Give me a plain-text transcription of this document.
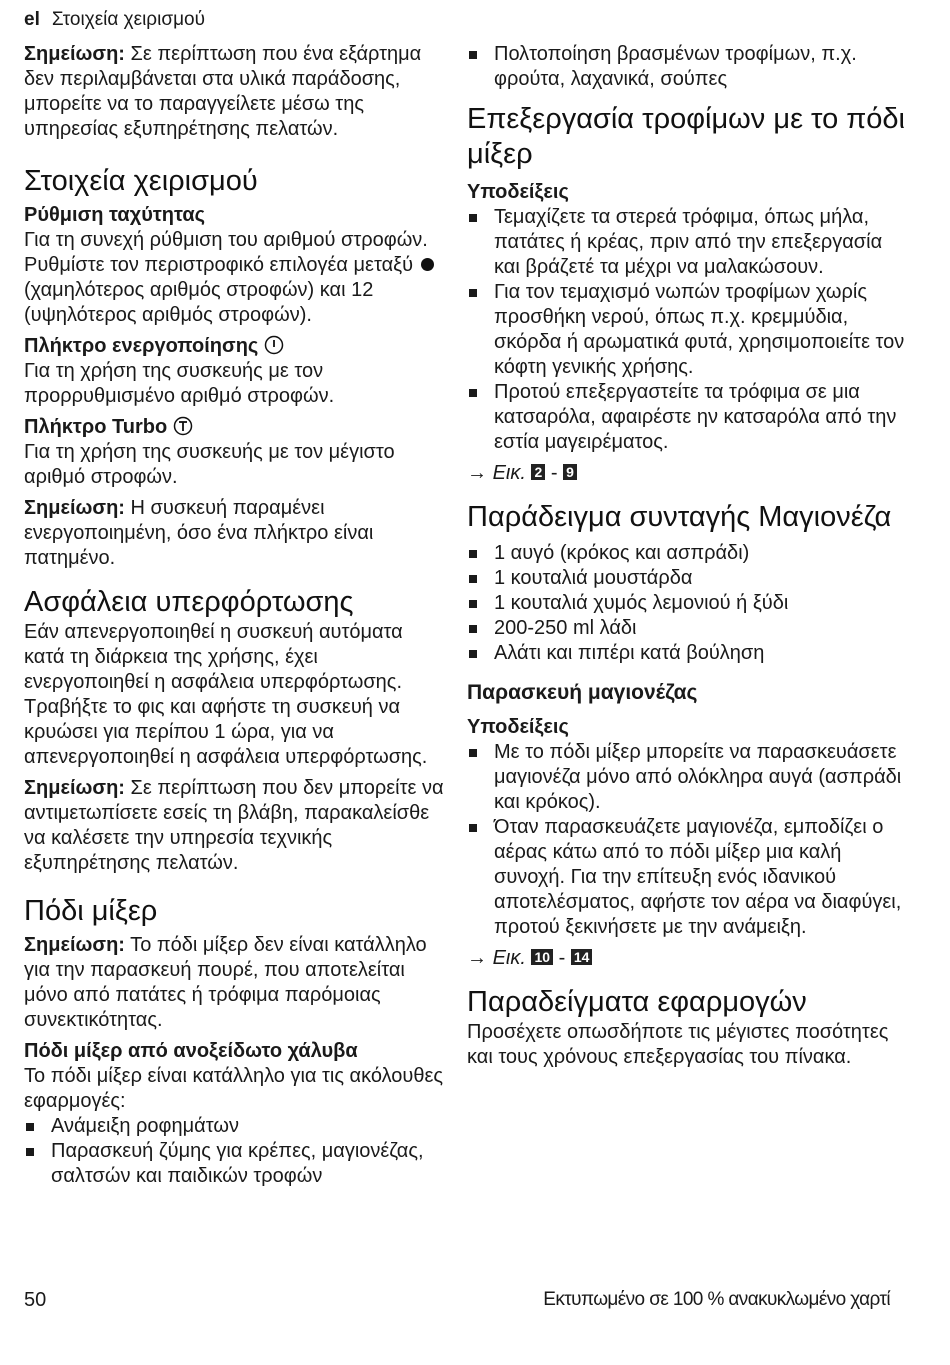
el Στοιχεία χειρισμού

Σημείωση: Σε περίπτωση που ένα εξάρτημα δεν περιλαμβάνεται στα υλικά παράδοσης, μπορείτε να το παραγγείλετε μέσω της υπηρεσίας εξυπηρέτησης πελατών.

Στοιχεία χειρισμού

Ρύθμιση ταχύτητας

Για τη συνεχή ρύθμιση του αριθμού στροφών. Ρυθμίστε τον περιστροφικό επιλογέα μεταξύ  (χαμηλότερος αριθμός στροφών) και 12 (υψηλότερος αριθμός στροφών).

Πλήκτρο ενεργοποίησης

Για τη χρήση της συσκευής με τον προρρυθμισμένο αριθμό στροφών.

Πλήκτρο Turbo

Για τη χρήση της συσκευής με τον μέγιστο αριθμό στροφών.

Σημείωση: Η συσκευή παραμένει ενεργοποιημένη, όσο ένα πλήκτρο είναι πατημένο.

Ασφάλεια υπερφόρτωσης

Εάν απενεργοποιηθεί η συσκευή αυτόματα κατά τη διάρκεια της χρήσης, έχει ενεργοποιηθεί η ασφάλεια υπερφόρτωσης. Τραβήξτε το φις και αφήστε τη συσκευή να κρυώσει για περίπου 1 ώρα, για να απενεργοποιηθεί η ασφάλεια υπερφόρτωσης.

Σημείωση: Σε περίπτωση που δεν μπορείτε να αντιμετωπίσετε εσείς τη βλάβη, παρακαλείσθε να καλέσετε την υπηρεσία τεχνικής εξυπηρέτησης πελατών.

Πόδι μίξερ

Σημείωση: Το πόδι μίξερ δεν είναι κατάλληλο για την παρασκευή πουρέ, που αποτελείται μόνο από πατάτες ή τρόφιμα παρόμοιας συνεκτικότητας.

Πόδι μίξερ από ανοξείδωτο χάλυβα

Το πόδι μίξερ είναι κατάλληλο για τις ακόλουθες εφαρμογές:

Ανάμειξη ροφημάτων
Παρασκευή ζύμης για κρέπες, μαγιονέζας, σαλτσών και παιδικών τροφών
Πολτοποίηση βρασμένων τροφίμων, π.χ. φρούτα, λαχανικά, σούπες
Επεξεργασία τροφίμων με το πόδι μίξερ

Υποδείξεις

Τεμαχίζετε τα στερεά τρόφιμα, όπως μήλα, πατάτες ή κρέας, πριν από την επεξεργασία και βράζετέ τα μέχρι να μαλακώσουν.
Για τον τεμαχισμό νωπών τροφίμων χωρίς προσθήκη νερού, όπως π.χ. κρεμμύδια, σκόρδα ή αρωματικά φυτά, χρησιμοποιείτε τον κόφτη γενικής χρήσης.
Προτού επεξεργαστείτε τα τρόφιμα σε μια κατσαρόλα, αφαιρέστε ην κατσαρόλα από την εστία μαγειρέματος.

→ Εικ. 2 - 9

Παράδειγμα συνταγής Μαγιονέζα
1 αυγό (κρόκος και ασπράδι)
1 κουταλιά μουστάρδα
1 κουταλιά χυμός λεμονιού ή ξύδι
200-250 ml λάδι
Αλάτι και πιπέρι κατά βούληση

Παρασκευή μαγιονέζας

Υποδείξεις

Με το πόδι μίξερ μπορείτε να παρασκευάσετε μαγιονέζα μόνο από ολόκληρα αυγά (ασπράδι και κρόκος).
Όταν παρασκευάζετε μαγιονέζα, εμποδίζει ο αέρας κάτω από το πόδι μίξερ μια καλή συνοχή. Για την επίτευξη ενός ιδανικού αποτελέσματος, αφήστε τον αέρα να διαφύγει, προτού ξεκινήσετε με την ανάμειξη.

→ Εικ. 10 - 14

Παραδείγματα εφαρμογών

Προσέχετε οπωσδήποτε τις μέγιστες ποσότητες και τους χρόνους επεξεργασίας του πίνακα.

50	Εκτυπωμένο σε 100 % ανακυκλωμένο χαρτί
